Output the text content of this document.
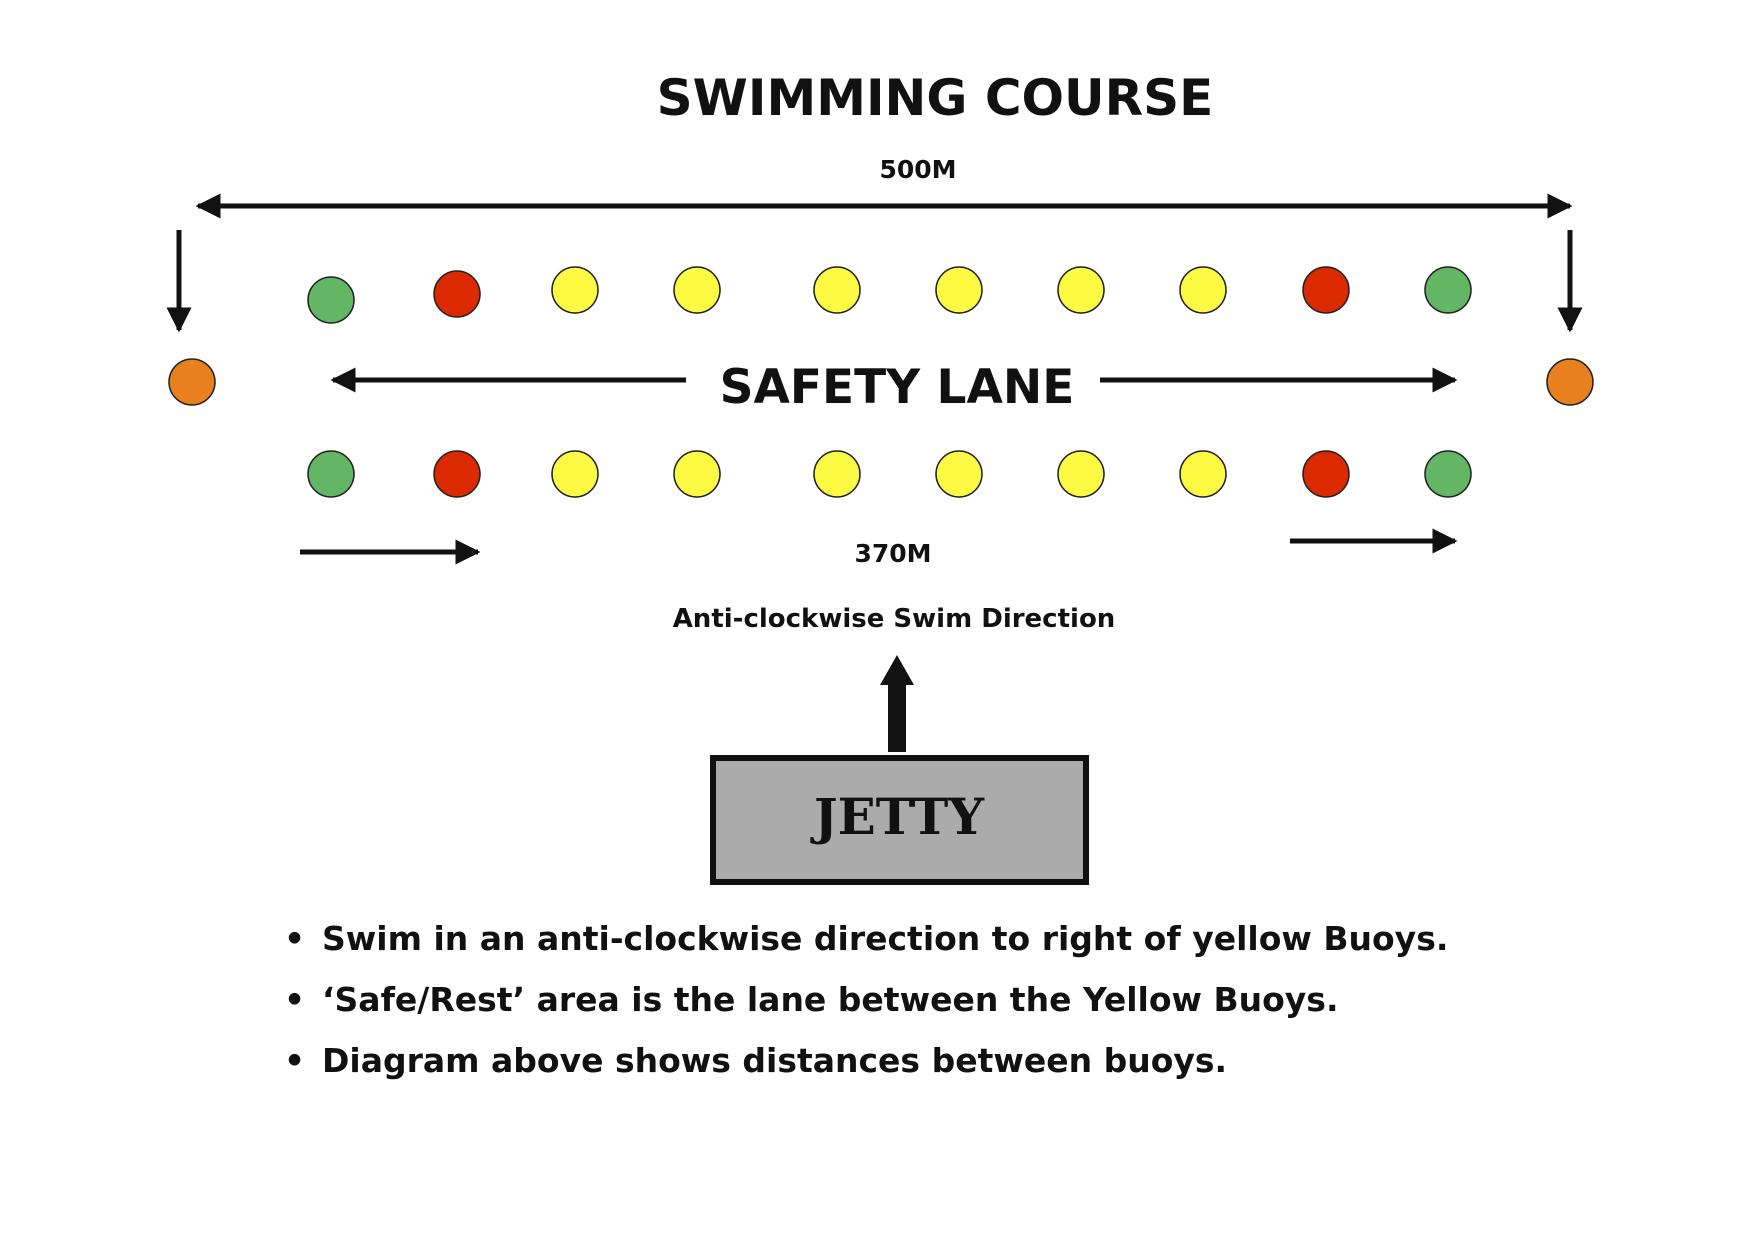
SWIMMING COURSE
500M
SAFETY LANE
370M
Anti-clockwise Swim Direction
JETTY
• Swim in an anti-clockwise direction to right of yellow Buoys.
• ‘Safe/Rest’ area is the lane between the Yellow Buoys.
• Diagram above shows distances between buoys.
